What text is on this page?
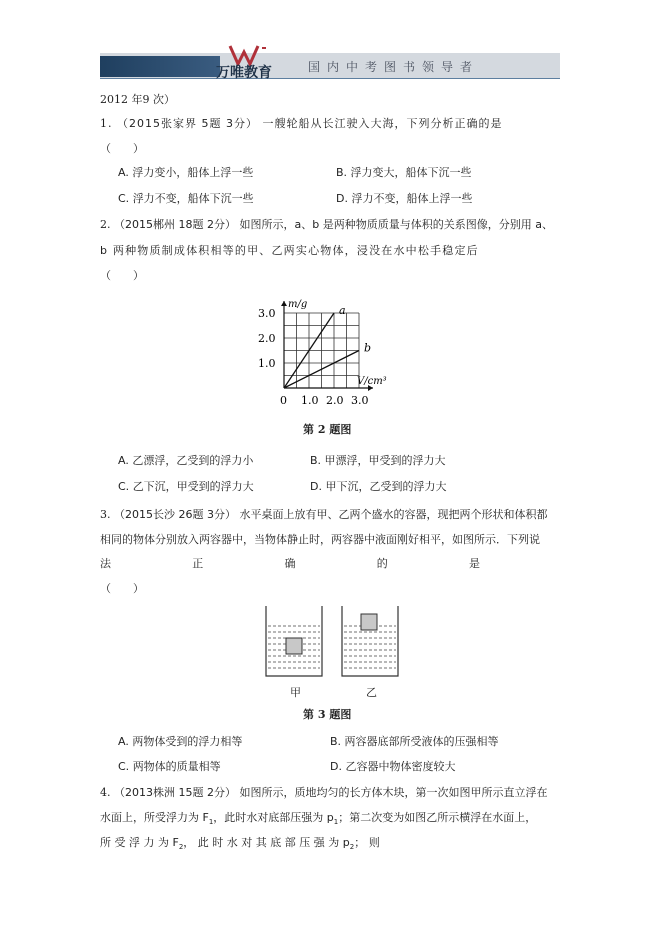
万唯教育	国内中考图书领导者
2012 年9 次）
1. （2015张家界 5题 3分） 一艘轮船从长江驶入大海，下列分析正确的是
（　　）
A. 浮力变小，船体上浮一些	B. 浮力变大，船体下沉一些
C. 浮力不变，船体下沉一些	D. 浮力不变，船体上浮一些
2. （2015郴州 18题 2分） 如图所示，a、b 是两种物质质量与体积的关系图像，分别用 a、
b 两种物质制成体积相等的甲、乙两实心物体，浸没在水中松手稳定后
（　　）
a
b
0 1.0 2.0 3.0
1.0
2.0
3.0
V/cm³
m/g
第 2 题图
A. 乙漂浮，乙受到的浮力小	B. 甲漂浮，甲受到的浮力大
C. 乙下沉，甲受到的浮力大	D. 甲下沉，乙受到的浮力大
3. （2015长沙 26题 3分） 水平桌面上放有甲、乙两个盛水的容器，现把两个形状和体积都
相同的物体分别放入两容器中，当物体静止时，两容器中液面刚好相平，如图所示．下列说
法	正	确	的	是
（　　）
甲	乙
第 3 题图
A. 两物体受到的浮力相等	B. 两容器底部所受液体的压强相等
C. 两物体的质量相等	D. 乙容器中物体密度较大
4. （2013株洲 15题 2分） 如图所示，质地均匀的长方体木块，第一次如图甲所示直立浮在
水面上，所受浮力为 $F_1$，此时水对底部压强为 $p_1$；第二次变为如图乙所示横浮在水面上，
所 受 浮 力 为 $F_2$， 此 时 水 对 其 底 部 压 强 为 $p_2$； 则
